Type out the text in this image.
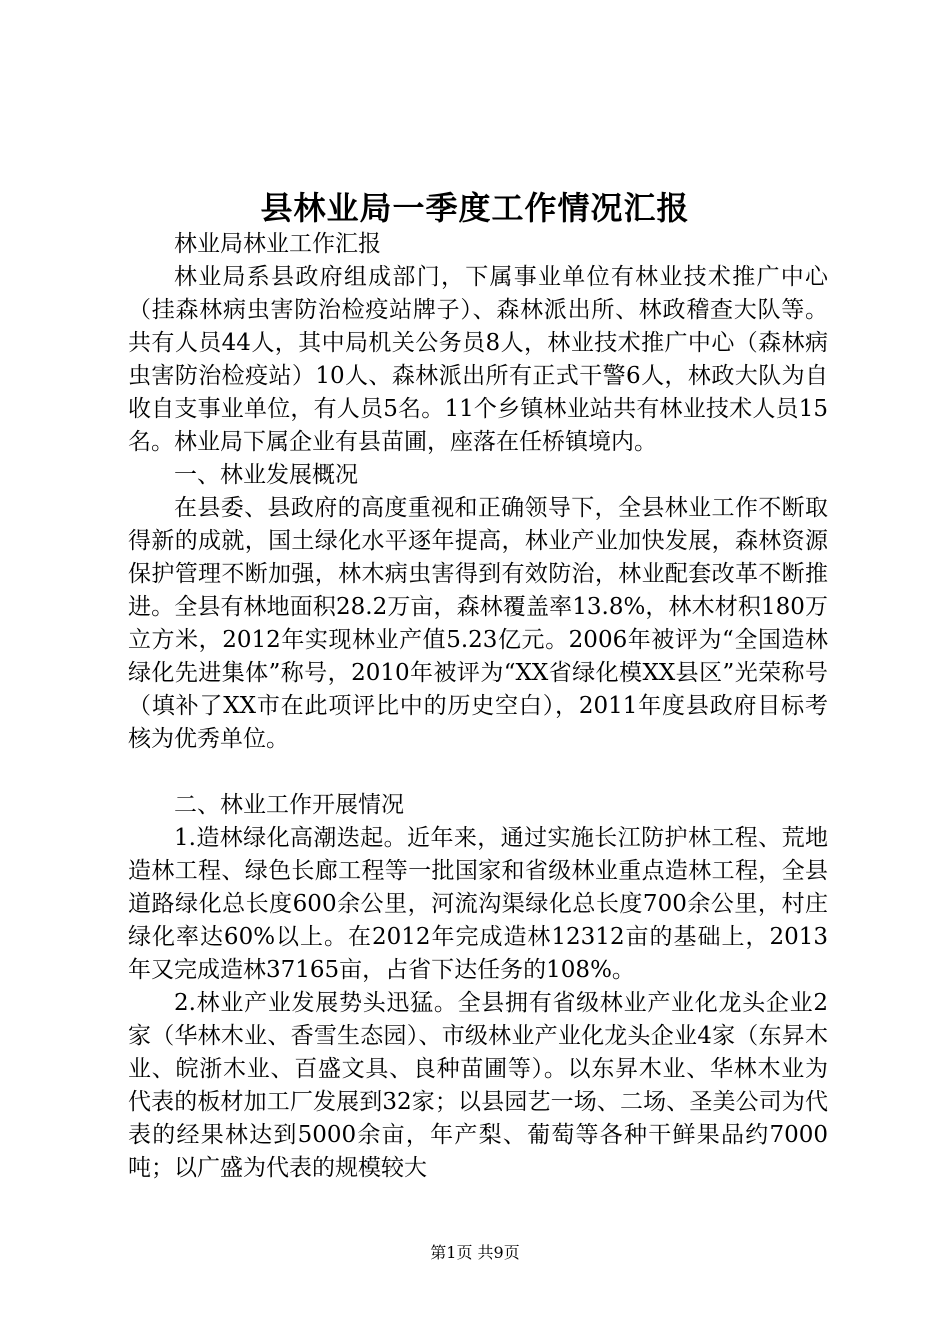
县林业局一季度工作情况汇报

林业局林业工作汇报

林业局系县政府组成部门，下属事业单位有林业技术推广中心（挂森林病虫害防治检疫站牌子）、森林派出所、林政稽查大队等。共有人员44人，其中局机关公务员8人，林业技术推广中心（森林病虫害防治检疫站）10人、森林派出所有正式干警6人，林政大队为自收自支事业单位，有人员5名。11个乡镇林业站共有林业技术人员15名。林业局下属企业有县苗圃，座落在任桥镇境内。

一、林业发展概况

在县委、县政府的高度重视和正确领导下，全县林业工作不断取得新的成就，国土绿化水平逐年提高，林业产业加快发展，森林资源保护管理不断加强，林木病虫害得到有效防治，林业配套改革不断推进。全县有林地面积28.2万亩，森林覆盖率13.8%，林木材积180万立方米，2012年实现林业产值5.23亿元。2006年被评为“全国造林绿化先进集体”称号，2010年被评为“XX省绿化模XX县区”光荣称号（填补了XX市在此项评比中的历史空白），2011年度县政府目标考核为优秀单位。

二、林业工作开展情况

1.造林绿化高潮迭起。近年来，通过实施长江防护林工程、荒地造林工程、绿色长廊工程等一批国家和省级林业重点造林工程，全县道路绿化总长度600余公里，河流沟渠绿化总长度700余公里，村庄绿化率达60%以上。在2012年完成造林12312亩的基础上，2013年又完成造林37165亩，占省下达任务的108%。

2.林业产业发展势头迅猛。全县拥有省级林业产业化龙头企业2家（华林木业、香雪生态园）、市级林业产业化龙头企业4家（东昇木业、皖浙木业、百盛文具、良种苗圃等）。以东昇木业、华林木业为代表的板材加工厂发展到32家；以县园艺一场、二场、圣美公司为代表的经果林达到5000余亩，年产梨、葡萄等各种干鲜果品约7000吨；以广盛为代表的规模较大

第1页 共9页
